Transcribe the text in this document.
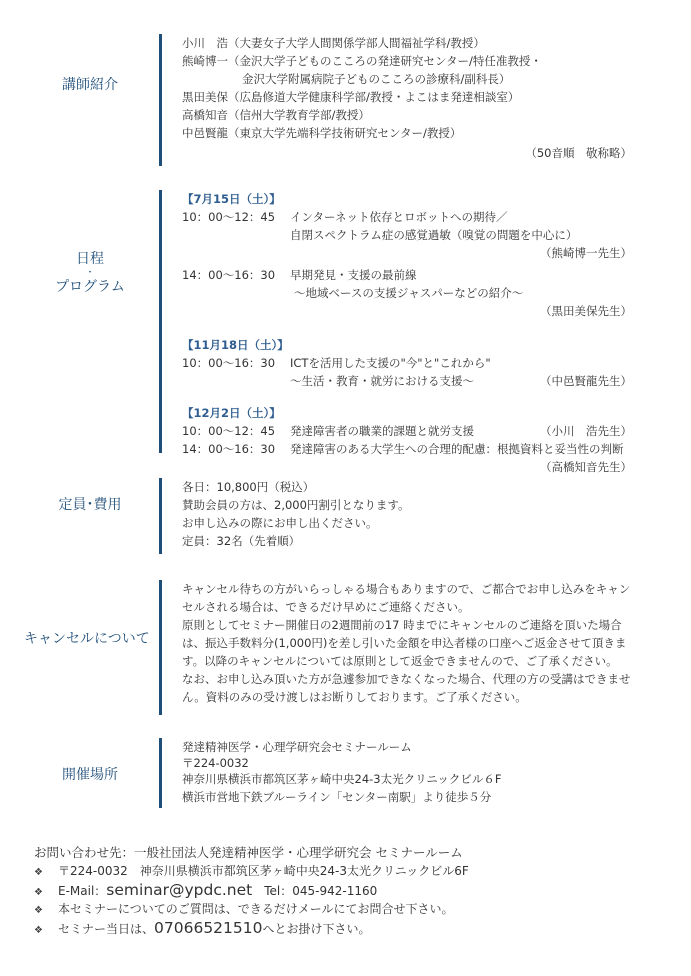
講師紹介
小川　浩（大妻女子大学人間関係学部人間福祉学科/教授）
熊崎博一（金沢大学子どものこころの発達研究センター/特任准教授・
金沢大学附属病院子どものこころの診療科/副科長）
黒田美保（広島修道大学健康科学部/教授・よこはま発達相談室）
高橋知音（信州大学教育学部/教授）
中邑賢龍（東京大学先端科学技術研究センター/教授）
（50音順　敬称略）
日程
・
プログラム
【7月15日（土）】
10：00～12：45 インターネット依存とロボットへの期待／
自閉スペクトラム症の感覚過敏（嗅覚の問題を中心に）
（熊崎博一先生）
14：00～16：30 早期発見・支援の最前線
～地域ベースの支援ジャスパーなどの紹介～
（黒田美保先生）
【11月18日（土）】
10：00～16：30 ICTを活用した支援の"今"と"これから"
～生活・教育・就労における支援～	（中邑賢龍先生）
【12月2日（土）】
10：00～12：45 発達障害者の職業的課題と就労支援	（小川　浩先生）
14：00～16：30 発達障害のある大学生への合理的配慮：根拠資料と妥当性の判断
（高橋知音先生）
定員･費用
各日：10,800円（税込）
賛助会員の方は、2,000円割引となります。
お申し込みの際にお申し出ください。
定員：32名（先着順）
キャンセルについて
キャンセル待ちの方がいらっしゃる場合もありますので、ご都合でお申し込みをキャンセルされる場合は、できるだけ早めにご連絡ください。
原則としてセミナー開催日の2週間前の17 時までにキャンセルのご連絡を頂いた場合は、振込手数料分(1,000円)を差し引いた金額を申込者様の口座へご返金させて頂きます。以降のキャンセルについては原則として返金できませんので、ご了承ください。
なお、お申し込み頂いた方が急遽参加できなくなった場合、代理の方の受講はできません。資料のみの受け渡しはお断りしております。ご了承ください。
開催場所
発達精神医学・心理学研究会セミナールーム
〒224-0032
神奈川県横浜市都筑区茅ヶ崎中央24-3太光クリニックビル６F
横浜市営地下鉄ブルーライン「センター南駅」より徒歩５分
お問い合わせ先：一般社団法人発達精神医学・心理学研究会 セミナールーム
❖ 〒224-0032　神奈川県横浜市都筑区茅ヶ崎中央24-3太光クリニックビル6F
❖ E-Mail：seminar@ypdc.net Tel：045-942-1160
❖ 本セミナーについてのご質問は、できるだけメールにてお問合せ下さい。
❖ セミナー当日は、07066521510へとお掛け下さい。
